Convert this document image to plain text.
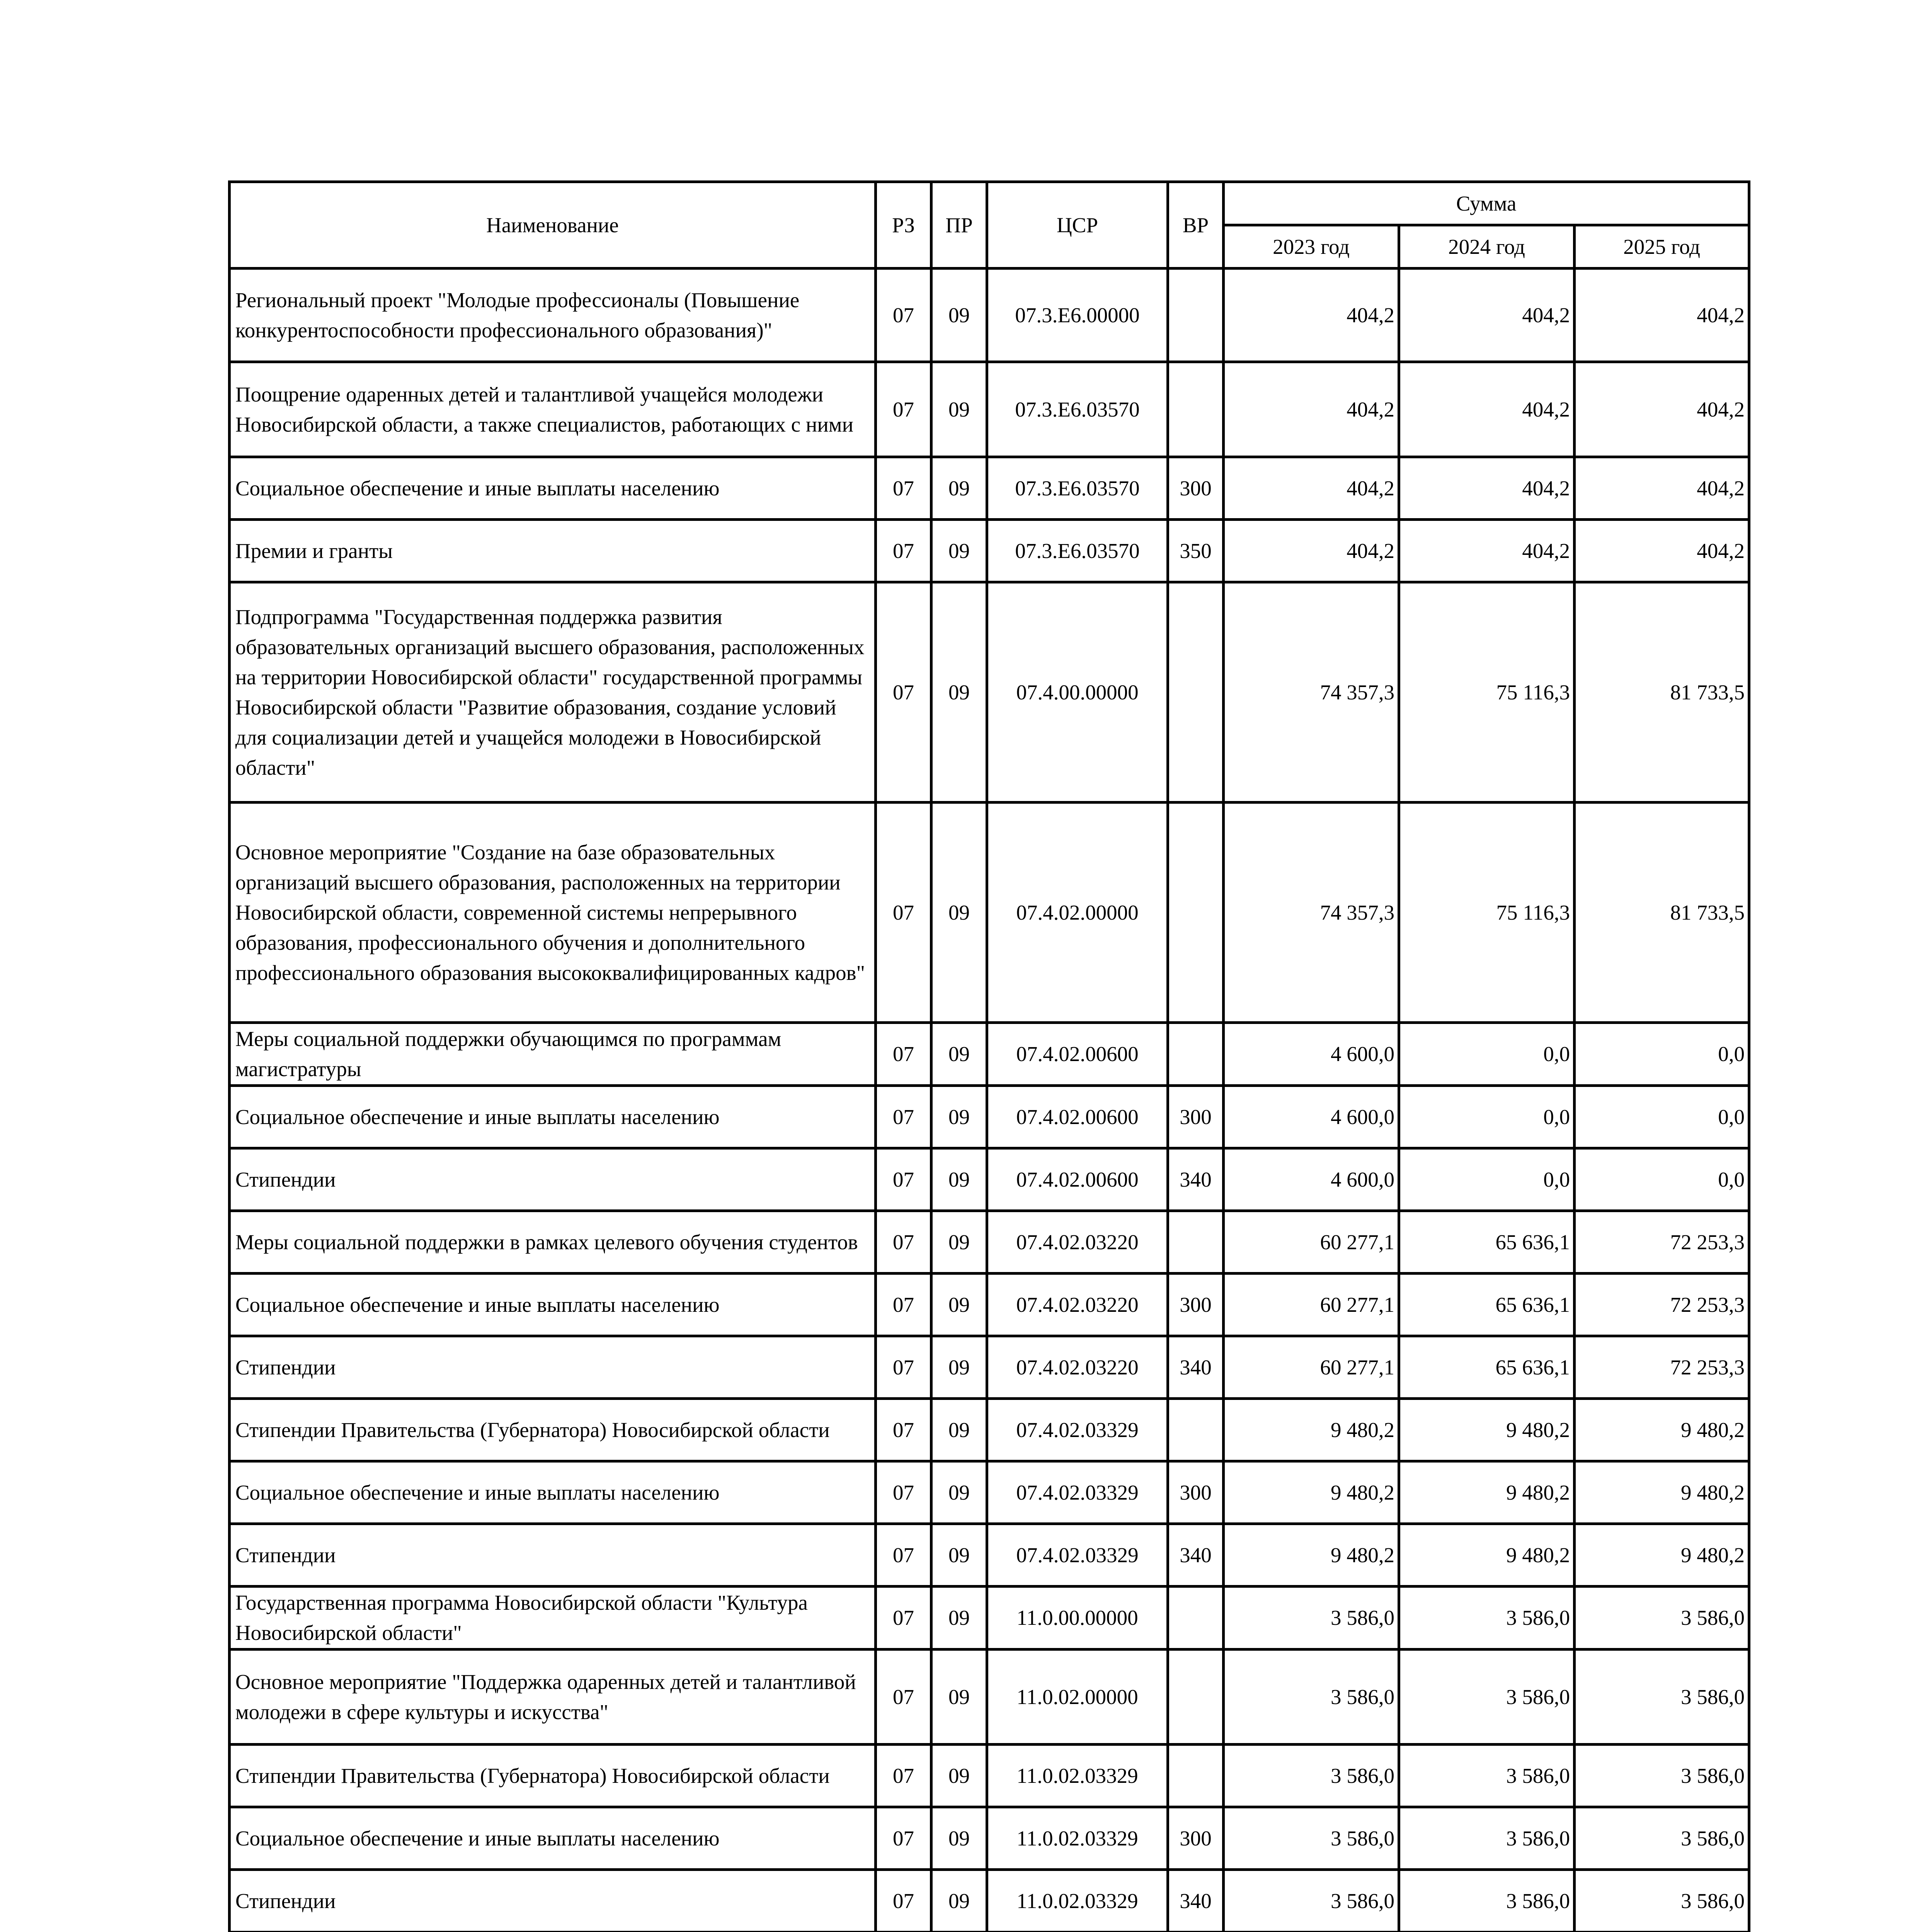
Наименование	РЗ	ПР	ЦСР	ВР	Сумма		
					2023 год	2024 год	2025 год
Региональный проект "Молодые профессионалы (Повышение конкурентоспособности профессионального образования)"	07	09	07.3.Е6.00000		404,2	404,2	404,2
Поощрение одаренных детей и талантливой учащейся молодежи Новосибирской области, а также специалистов, работающих с ними	07	09	07.3.Е6.03570		404,2	404,2	404,2
Социальное обеспечение и иные выплаты населению	07	09	07.3.Е6.03570	300	404,2	404,2	404,2
Премии и гранты	07	09	07.3.Е6.03570	350	404,2	404,2	404,2
Подпрограмма "Государственная поддержка развития образовательных организаций высшего образования, расположенных на территории Новосибирской области" государственной программы Новосибирской области "Развитие образования, создание условий для социализации детей и учащейся молодежи в Новосибирской области"	07	09	07.4.00.00000		74 357,3	75 116,3	81 733,5
Основное мероприятие "Создание на базе образовательных организаций высшего образования, расположенных на территории Новосибирской области, современной системы непрерывного образования, профессионального обучения и дополнительного профессионального образования высококвалифицированных кадров"	07	09	07.4.02.00000		74 357,3	75 116,3	81 733,5
Меры социальной поддержки обучающимся по программам магистратуры	07	09	07.4.02.00600		4 600,0	0,0	0,0
Социальное обеспечение и иные выплаты населению	07	09	07.4.02.00600	300	4 600,0	0,0	0,0
Стипендии	07	09	07.4.02.00600	340	4 600,0	0,0	0,0
Меры социальной поддержки в рамках целевого обучения студентов	07	09	07.4.02.03220		60 277,1	65 636,1	72 253,3
Социальное обеспечение и иные выплаты населению	07	09	07.4.02.03220	300	60 277,1	65 636,1	72 253,3
Стипендии	07	09	07.4.02.03220	340	60 277,1	65 636,1	72 253,3
Стипендии Правительства (Губернатора) Новосибирской области	07	09	07.4.02.03329		9 480,2	9 480,2	9 480,2
Социальное обеспечение и иные выплаты населению	07	09	07.4.02.03329	300	9 480,2	9 480,2	9 480,2
Стипендии	07	09	07.4.02.03329	340	9 480,2	9 480,2	9 480,2
Государственная программа Новосибирской области "Культура Новосибирской области"	07	09	11.0.00.00000		3 586,0	3 586,0	3 586,0
Основное мероприятие "Поддержка одаренных детей и талантливой молодежи в сфере культуры и искусства"	07	09	11.0.02.00000		3 586,0	3 586,0	3 586,0
Стипендии Правительства (Губернатора) Новосибирской области	07	09	11.0.02.03329		3 586,0	3 586,0	3 586,0
Социальное обеспечение и иные выплаты населению	07	09	11.0.02.03329	300	3 586,0	3 586,0	3 586,0
Стипендии	07	09	11.0.02.03329	340	3 586,0	3 586,0	3 586,0
